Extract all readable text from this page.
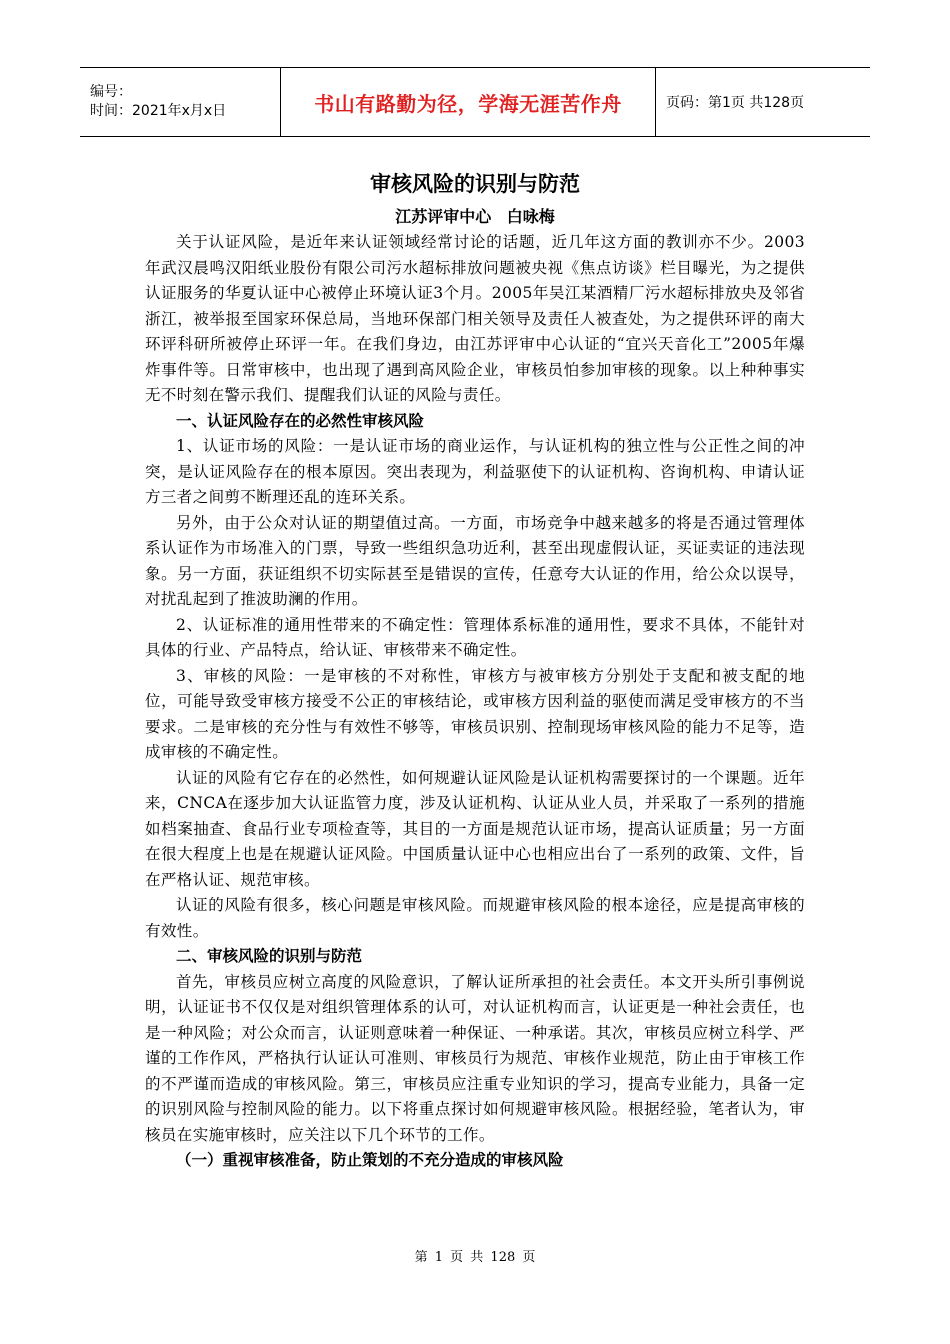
编号：
时间：2021年x月x日	书山有路勤为径，学海无涯苦作舟	页码：第1页 共128页
审核风险的识别与防范

江苏评审中心 白咏梅

关于认证风险，是近年来认证领域经常讨论的话题，近几年这方面的教训亦不少。2003年武汉晨鸣汉阳纸业股份有限公司污水超标排放问题被央视《焦点访谈》栏目曝光，为之提供认证服务的华夏认证中心被停止环境认证3个月。2005年吴江某酒精厂污水超标排放央及邻省浙江，被举报至国家环保总局，当地环保部门相关领导及责任人被查处，为之提供环评的南大环评科研所被停止环评一年。在我们身边，由江苏评审中心认证的“宜兴天音化工”2005年爆炸事件等。日常审核中，也出现了遇到高风险企业，审核员怕参加审核的现象。以上种种事实无不时刻在警示我们、提醒我们认证的风险与责任。

一、认证风险存在的必然性审核风险

1、认证市场的风险：一是认证市场的商业运作，与认证机构的独立性与公正性之间的冲突，是认证风险存在的根本原因。突出表现为，利益驱使下的认证机构、咨询机构、申请认证方三者之间剪不断理还乱的连环关系。

另外，由于公众对认证的期望值过高。一方面，市场竞争中越来越多的将是否通过管理体系认证作为市场准入的门票，导致一些组织急功近利，甚至出现虚假认证，买证卖证的违法现象。另一方面，获证组织不切实际甚至是错误的宣传，任意夸大认证的作用，给公众以误导，对扰乱起到了推波助澜的作用。

2、认证标准的通用性带来的不确定性：管理体系标准的通用性，要求不具体，不能针对具体的行业、产品特点，给认证、审核带来不确定性。

3、审核的风险：一是审核的不对称性，审核方与被审核方分别处于支配和被支配的地位，可能导致受审核方接受不公正的审核结论，或审核方因利益的驱使而满足受审核方的不当要求。二是审核的充分性与有效性不够等，审核员识别、控制现场审核风险的能力不足等，造成审核的不确定性。

认证的风险有它存在的必然性，如何规避认证风险是认证机构需要探讨的一个课题。近年来，CNCA在逐步加大认证监管力度，涉及认证机构、认证从业人员，并采取了一系列的措施如档案抽查、食品行业专项检查等，其目的一方面是规范认证市场，提高认证质量；另一方面在很大程度上也是在规避认证风险。中国质量认证中心也相应出台了一系列的政策、文件，旨在严格认证、规范审核。

认证的风险有很多，核心问题是审核风险。而规避审核风险的根本途径，应是提高审核的有效性。

二、审核风险的识别与防范

首先，审核员应树立高度的风险意识，了解认证所承担的社会责任。本文开头所引事例说明，认证证书不仅仅是对组织管理体系的认可，对认证机构而言，认证更是一种社会责任，也是一种风险；对公众而言，认证则意味着一种保证、一种承诺。其次，审核员应树立科学、严谨的工作作风，严格执行认证认可准则、审核员行为规范、审核作业规范，防止由于审核工作的不严谨而造成的审核风险。第三，审核员应注重专业知识的学习，提高专业能力，具备一定的识别风险与控制风险的能力。以下将重点探讨如何规避审核风险。根据经验，笔者认为，审核员在实施审核时，应关注以下几个环节的工作。

（一）重视审核准备，防止策划的不充分造成的审核风险

第 1 页 共 128 页
